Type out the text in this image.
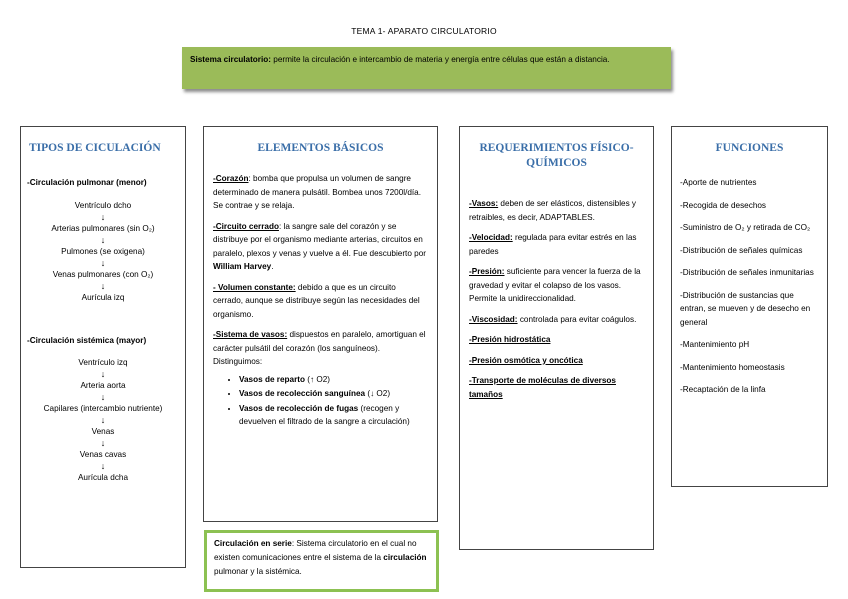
TEMA 1- APARATO CIRCULATORIO
Sistema circulatorio: permite la circulación e intercambio de materia y energía entre células que están a distancia.
TIPOS DE CICULACIÓN
-Circulación pulmonar (menor)
Ventrículo dcho
↓
Arterias pulmonares (sin O₂)
↓
Pulmones (se oxigena)
↓
Venas pulmonares (con O₂)
↓
Aurícula izq
-Circulación sistémica (mayor)
Ventrículo izq
↓
Arteria aorta
↓
Capilares (intercambio nutriente)
↓
Venas
↓
Venas cavas
↓
Aurícula dcha
ELEMENTOS BÁSICOS

-Corazón: bomba que propulsa un volumen de sangre determinado de manera pulsátil. Bombea unos 7200l/día. Se contrae y se relaja.

-Circuito cerrado: la sangre sale del corazón y se distribuye por el organismo mediante arterias, circuitos en paralelo, plexos y venas y vuelve a él. Fue descubierto por William Harvey.

- Volumen constante: debido a que es un circuito cerrado, aunque se distribuye según las necesidades del organismo.

-Sistema de vasos: dispuestos en paralelo, amortiguan el carácter pulsátil del corazón (los sanguíneos). Distinguimos:

• Vasos de reparto (↑ O2)
• Vasos de recolección sanguínea (↓ O2)
• Vasos de recolección de fugas (recogen y devuelven el filtrado de la sangre a circulación)
Circulación en serie: Sistema circulatorio en el cual no existen comunicaciones entre el sistema de la circulación pulmonar y la sistémica.
REQUERIMIENTOS FÍSICO-QUÍMICOS

-Vasos: deben de ser elásticos, distensibles y retraibles, es decir, ADAPTABLES.

-Velocidad: regulada para evitar estrés en las paredes

-Presión: suficiente para vencer la fuerza de la gravedad y evitar el colapso de los vasos. Permite la unidireccionalidad.

-Viscosidad: controlada para evitar coágulos.

-Presión hidrostática

-Presión osmótica y oncótica

-Transporte de moléculas de diversos tamaños

FUNCIONES
-Aporte de nutrientes
-Recogida de desechos
-Suministro de O₂ y retirada de CO₂
-Distribución de señales químicas
-Distribución de señales inmunitarias
-Distribución de sustancias que entran, se mueven y de desecho en general
-Mantenimiento pH
-Mantenimiento homeostasis
-Recaptación de la linfa
